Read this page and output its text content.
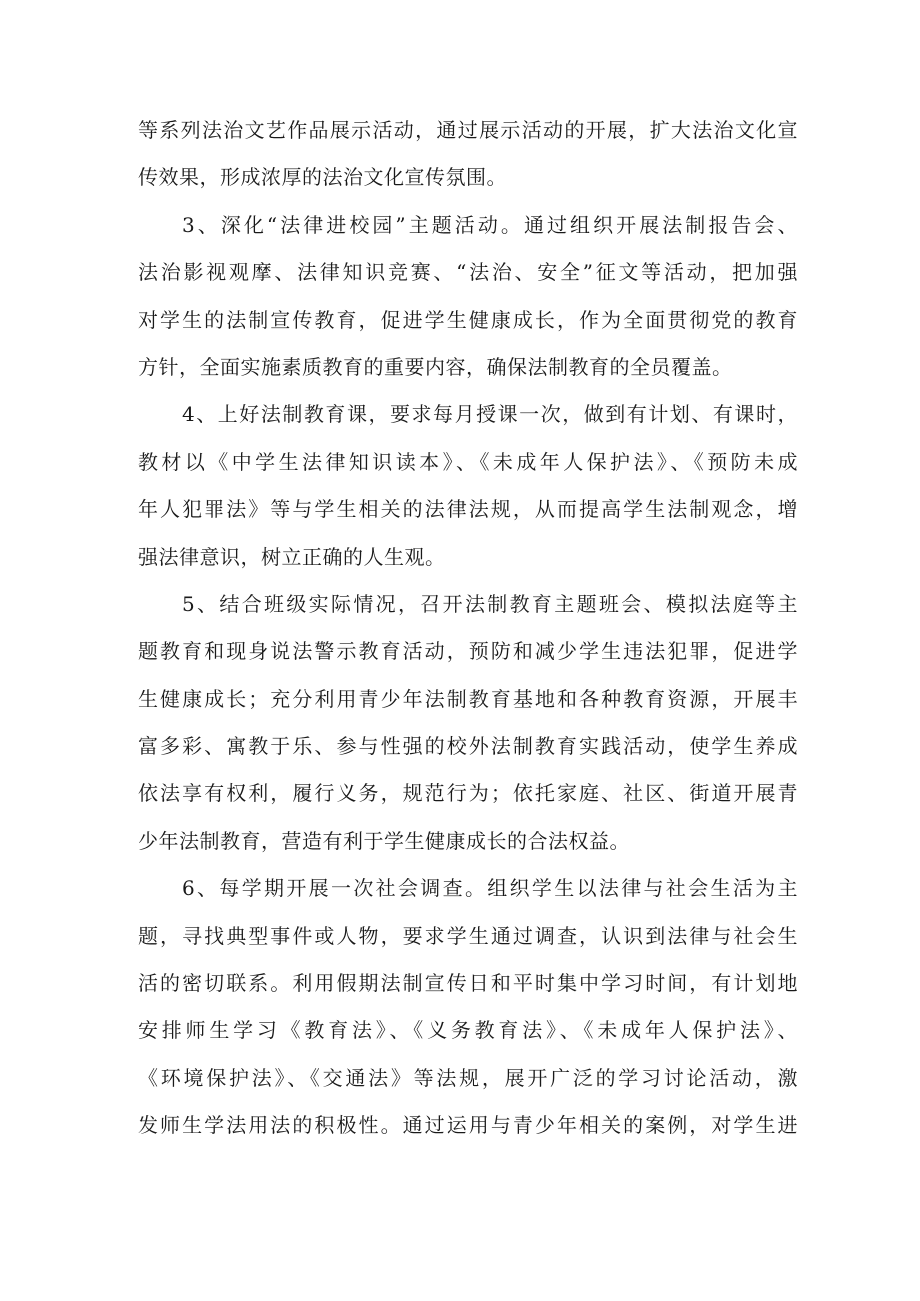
等系列法治文艺作品展示活动，通过展示活动的开展，扩大法治文化宣
传效果，形成浓厚的法治文化宣传氛围。
3、深化“法律进校园”主题活动。通过组织开展法制报告会、
法治影视观摩、法律知识竞赛、“法治、安全”征文等活动，把加强
对学生的法制宣传教育，促进学生健康成长，作为全面贯彻党的教育
方针，全面实施素质教育的重要内容，确保法制教育的全员覆盖。
4、上好法制教育课，要求每月授课一次，做到有计划、有课时，
教材以《中学生法律知识读本》、《未成年人保护法》、《预防未成
年人犯罪法》等与学生相关的法律法规，从而提高学生法制观念，增
强法律意识，树立正确的人生观。
5、结合班级实际情况，召开法制教育主题班会、模拟法庭等主
题教育和现身说法警示教育活动，预防和减少学生违法犯罪，促进学
生健康成长；充分利用青少年法制教育基地和各种教育资源，开展丰
富多彩、寓教于乐、参与性强的校外法制教育实践活动，使学生养成
依法享有权利，履行义务，规范行为；依托家庭、社区、街道开展青
少年法制教育，营造有利于学生健康成长的合法权益。
6、每学期开展一次社会调查。组织学生以法律与社会生活为主
题，寻找典型事件或人物，要求学生通过调查，认识到法律与社会生
活的密切联系。利用假期法制宣传日和平时集中学习时间，有计划地
安排师生学习《教育法》、《义务教育法》、《未成年人保护法》、
《环境保护法》、《交通法》等法规，展开广泛的学习讨论活动，激
发师生学法用法的积极性。通过运用与青少年相关的案例，对学生进
